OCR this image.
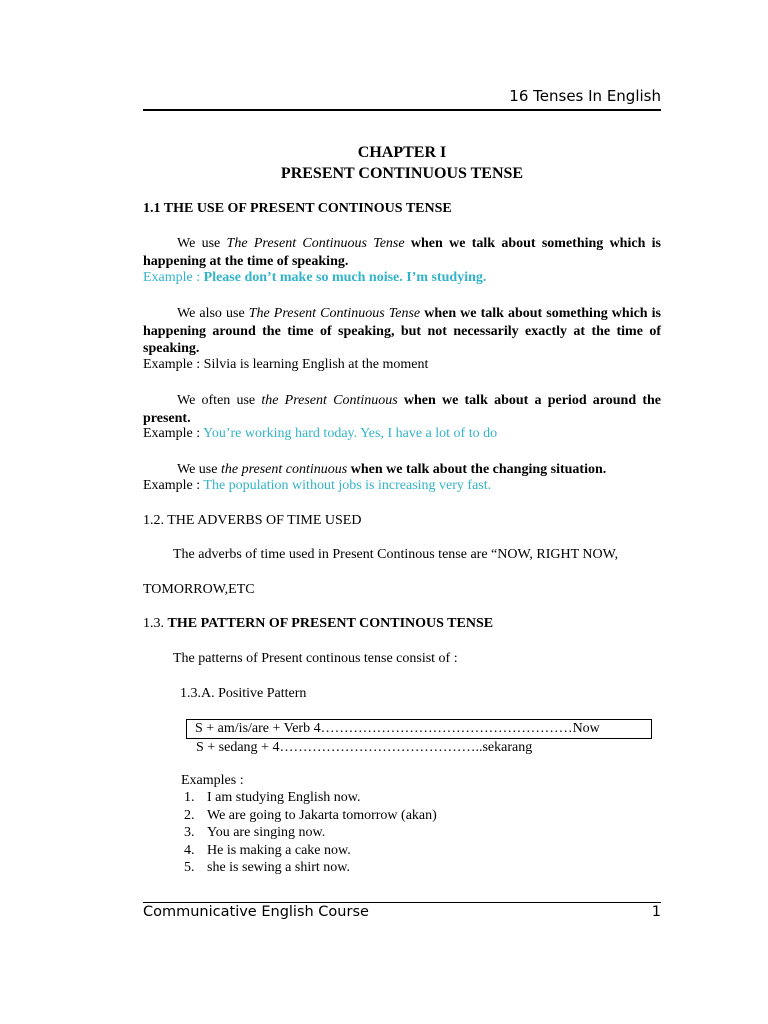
16 Tenses In English
CHAPTER I
PRESENT CONTINUOUS TENSE
1.1 THE USE OF PRESENT CONTINOUS TENSE
We use The Present Continuous Tense when we talk about something which is happening at the time of speaking.
Example : Please don’t make so much noise. I’m studying.
We also use The Present Continuous Tense when we talk about something which is happening around the time of speaking, but not necessarily exactly at the time of speaking.
Example : Silvia is learning English at the moment
We often use the Present Continuous when we talk about a period around the present.
Example : You’re working hard today. Yes, I have a lot of to do
We use the present continuous when we talk about the changing situation.
Example : The population without jobs is increasing very fast.
1.2. THE ADVERBS OF TIME USED
The adverbs of time used in Present Continous tense are “NOW, RIGHT NOW,
TOMORROW,ETC
1.3. THE PATTERN OF PRESENT CONTINOUS TENSE
The patterns of Present continous tense consist of :
1.3.A. Positive Pattern
S + am/is/are + Verb 4………………………………………………Now
S + sedang + 4……………………………………..sekarang
Examples :
1. I am studying English now.
2. We are going to Jakarta tomorrow (akan)
3. You are singing now.
4. He is making a cake now.
5. she is sewing a shirt now.
Communicative English Course	1
